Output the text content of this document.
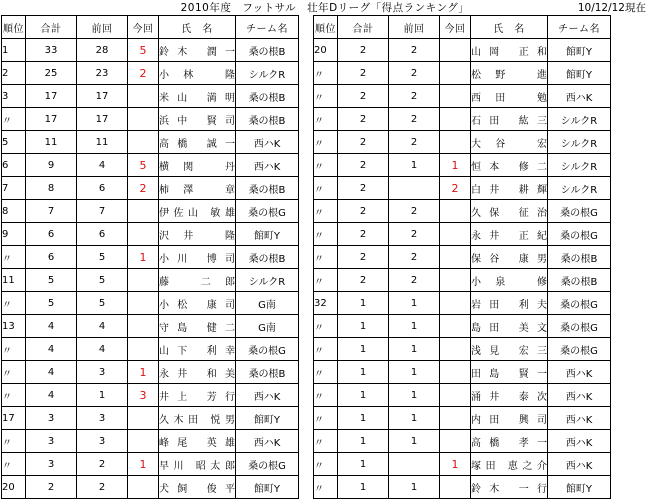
2010年度　フットサル　壮年Dリーグ「得点ランキング」	10/12/12現在
順位	合計	前回	今回	氏　名	チーム名
1	33	28	5	鈴木 潤一	桑の根B
2	25	23	2	小林 隆	シルクR
3	17	17		米山 満明	桑の根B
〃	17	17		浜中 賢司	桑の根B
5	11	11		高橋 誠一	西ハK
6	9	4	5	横関 丹	西ハK
7	8	6	2	柿澤 章	桑の根B
8	7	7		伊佐山 敏雄	桑の根G
9	6	6		沢井 隆	館町Y
〃	6	5	1	小川 博司	桑の根B
11	5	5		藤 二郎	シルクR
〃	5	5		小松 康司	G南
13	4	4		守島 健二	G南
〃	4	4		山下 利幸	桑の根G
〃	4	3	1	永井 和美	桑の根B
〃	4	1	3	井上 芳行	西ハK
17	3	3		久木田 悦男	館町Y
〃	3	3		峰尾 英雄	西ハK
〃	3	2	1	早川 昭太郎	桑の根G
20	2	2		犬飼 俊平	館町Y
順位	合計	前回	今回	氏　名	チーム名
20	2	2		山岡 正和	館町Y
〃	2	2		松野 進	館町Y
〃	2	2		西田 勉	西ハK
〃	2	2		石田 紘三	シルクR
〃	2	2		大谷 宏	シルクR
〃	2	1	1	恒本 修二	シルクR
〃	2		2	白井 耕輝	シルクR
〃	2	2		久保 征治	桑の根G
〃	2	2		永井 正紀	桑の根G
〃	2	2		保谷 康男	桑の根B
〃	2	2		小泉 修	桑の根B
32	1	1		岩田 利夫	桑の根G
〃	1	1		島田 美文	桑の根G
〃	1	1		浅見 宏三	桑の根G
〃	1	1		田島 賢一	西ハK
〃	1	1		涌井 泰次	西ハK
〃	1	1		内田 興司	西ハK
〃	1	1		高橋 孝一	西ハK
〃	1		1	塚田 恵之介	西ハK
〃	1	1		鈴木 一行	館町Y
